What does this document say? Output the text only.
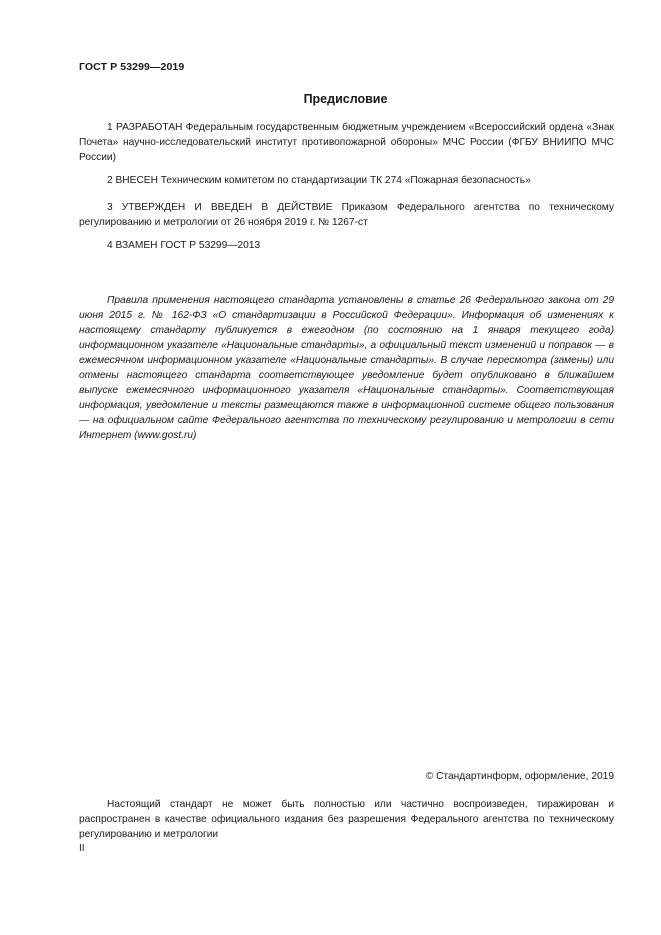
ГОСТ Р 53299—2019
Предисловие

1 РАЗРАБОТАН Федеральным государственным бюджетным учреждением «Всероссийский ордена «Знак Почета» научно-исследовательский институт противопожарной обороны» МЧС России (ФГБУ ВНИИПО МЧС России)

2 ВНЕСЕН Техническим комитетом по стандартизации ТК 274 «Пожарная безопасность»

3 УТВЕРЖДЕН И ВВЕДЕН В ДЕЙСТВИЕ Приказом Федерального агентства по техническому регулированию и метрологии от 26 ноября 2019 г. № 1267-ст

4 ВЗАМЕН ГОСТ Р 53299—2013

Правила применения настоящего стандарта установлены в статье 26 Федерального закона от 29 июня 2015 г. № 162-ФЗ «О стандартизации в Российской Федерации». Информация об изменениях к настоящему стандарту публикуется в ежегодном (по состоянию на 1 января текущего года) информационном указателе «Национальные стандарты», а официальный текст изменений и поправок — в ежемесячном информационном указателе «Национальные стандарты». В случае пересмотра (замены) или отмены настоящего стандарта соответствующее уведомление будет опубликовано в ближайшем выпуске ежемесячного информационного указателя «Национальные стандарты». Соответствующая информация, уведомление и тексты размещаются также в информационной системе общего пользования — на официальном сайте Федерального агентства по техническому регулированию и метрологии в сети Интернет (www.gost.ru)

© Стандартинформ, оформление, 2019

Настоящий стандарт не может быть полностью или частично воспроизведен, тиражирован и распространен в качестве официального издания без разрешения Федерального агентства по техническому регулированию и метрологии

II
